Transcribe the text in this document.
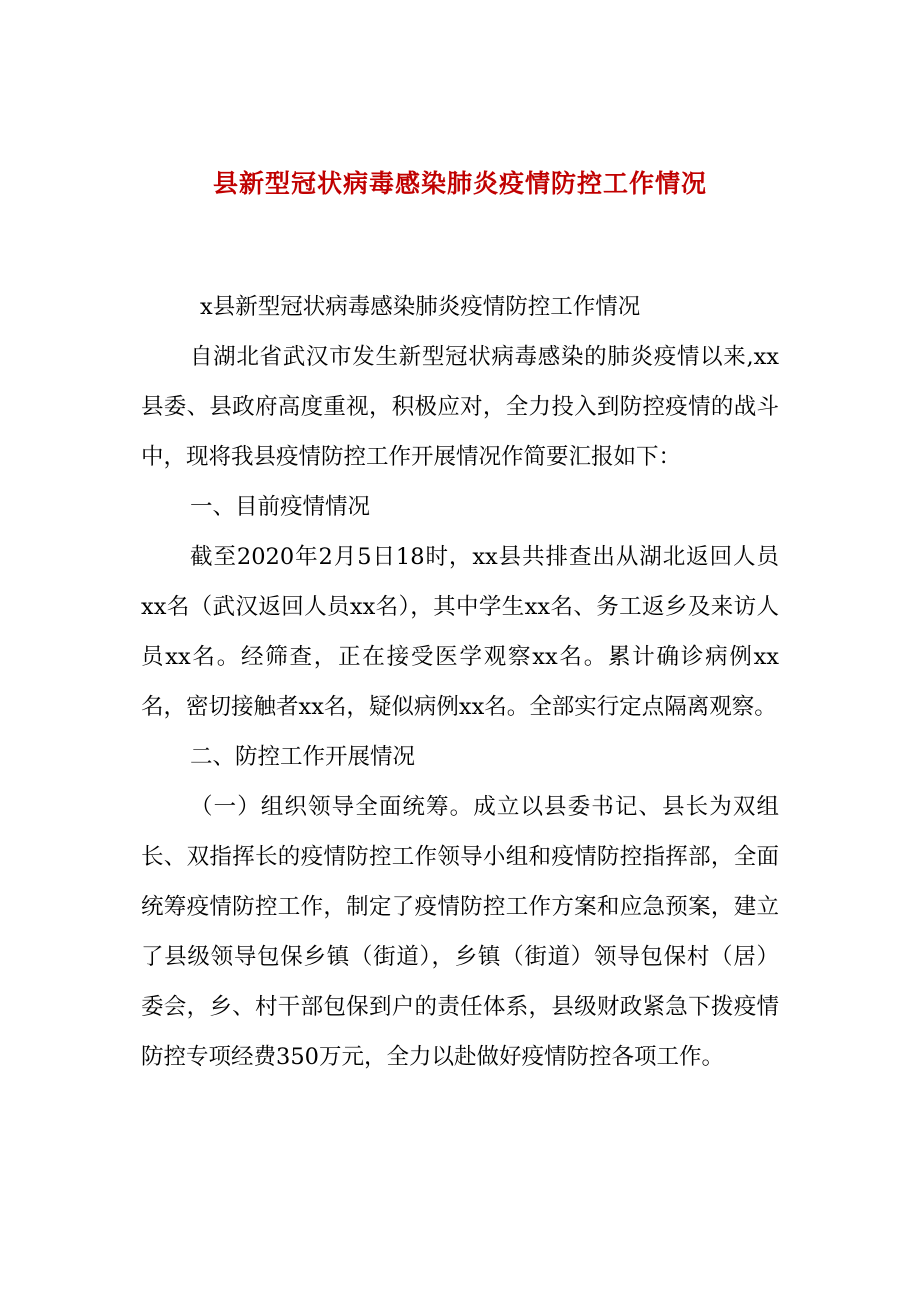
县新型冠状病毒感染肺炎疫情防控工作情况

x县新型冠状病毒感染肺炎疫情防控工作情况

自湖北省武汉市发生新型冠状病毒感染的肺炎疫情以来,xx县委、县政府高度重视，积极应对，全力投入到防控疫情的战斗中，现将我县疫情防控工作开展情况作简要汇报如下：

一、目前疫情情况

截至2020年2月5日18时，xx县共排查出从湖北返回人员xx名（武汉返回人员xx名），其中学生xx名、务工返乡及来访人员xx名。经筛查，正在接受医学观察xx名。累计确诊病例xx名，密切接触者xx名，疑似病例xx名。全部实行定点隔离观察。

二、防控工作开展情况

（一）组织领导全面统筹。成立以县委书记、县长为双组长、双指挥长的疫情防控工作领导小组和疫情防控指挥部，全面统筹疫情防控工作，制定了疫情防控工作方案和应急预案，建立了县级领导包保乡镇（街道），乡镇（街道）领导包保村（居）委会，乡、村干部包保到户的责任体系，县级财政紧急下拨疫情防控专项经费350万元，全力以赴做好疫情防控各项工作。
